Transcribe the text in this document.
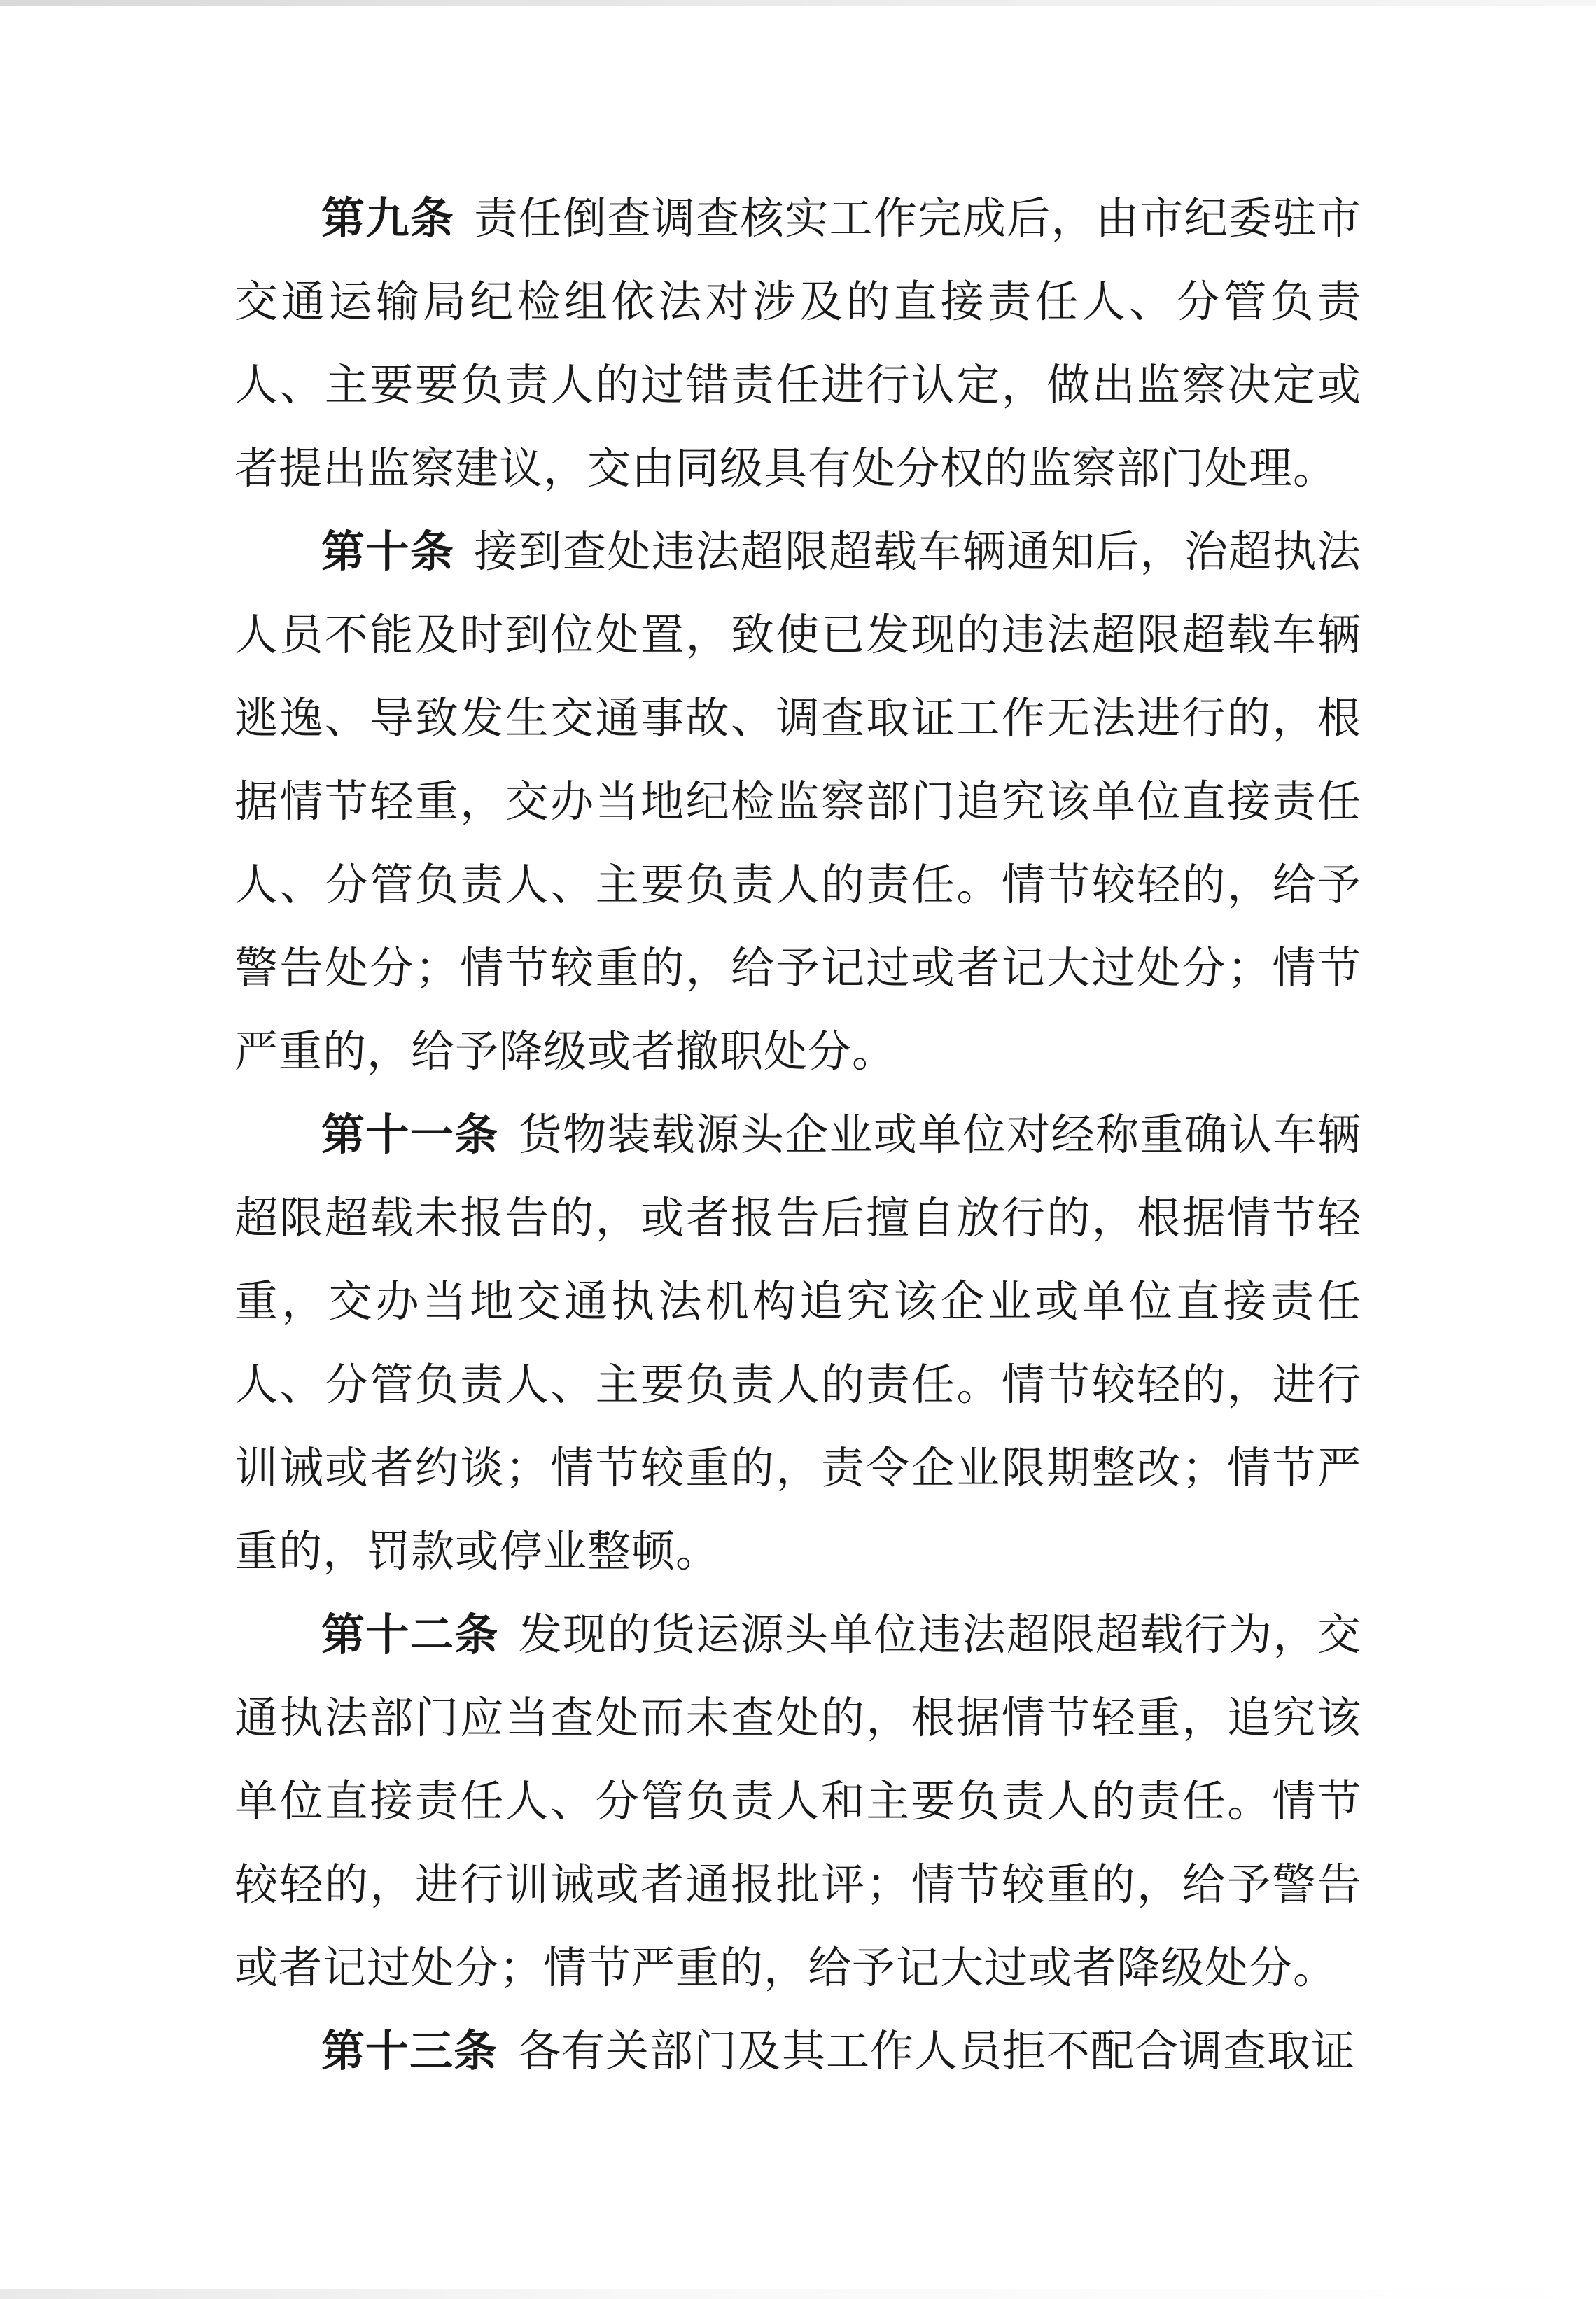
第九条 责任倒查调查核实工作完成后，由市纪委驻市交通运输局纪检组依法对涉及的直接责任人、分管负责人、主要要负责人的过错责任进行认定，做出监察决定或者提出监察建议，交由同级具有处分权的监察部门处理。

第十条 接到查处违法超限超载车辆通知后，治超执法人员不能及时到位处置，致使已发现的违法超限超载车辆逃逸、导致发生交通事故、调查取证工作无法进行的，根据情节轻重，交办当地纪检监察部门追究该单位直接责任人、分管负责人、主要负责人的责任。情节较轻的，给予警告处分；情节较重的，给予记过或者记大过处分；情节严重的，给予降级或者撤职处分。

第十一条 货物装载源头企业或单位对经称重确认车辆超限超载未报告的，或者报告后擅自放行的，根据情节轻重，交办当地交通执法机构追究该企业或单位直接责任人、分管负责人、主要负责人的责任。情节较轻的，进行训诫或者约谈；情节较重的，责令企业限期整改；情节严重的，罚款或停业整顿。

第十二条 发现的货运源头单位违法超限超载行为，交通执法部门应当查处而未查处的，根据情节轻重，追究该单位直接责任人、分管负责人和主要负责人的责任。情节较轻的，进行训诫或者通报批评；情节较重的，给予警告或者记过处分；情节严重的，给予记大过或者降级处分。

第十三条 各有关部门及其工作人员拒不配合调查取证
